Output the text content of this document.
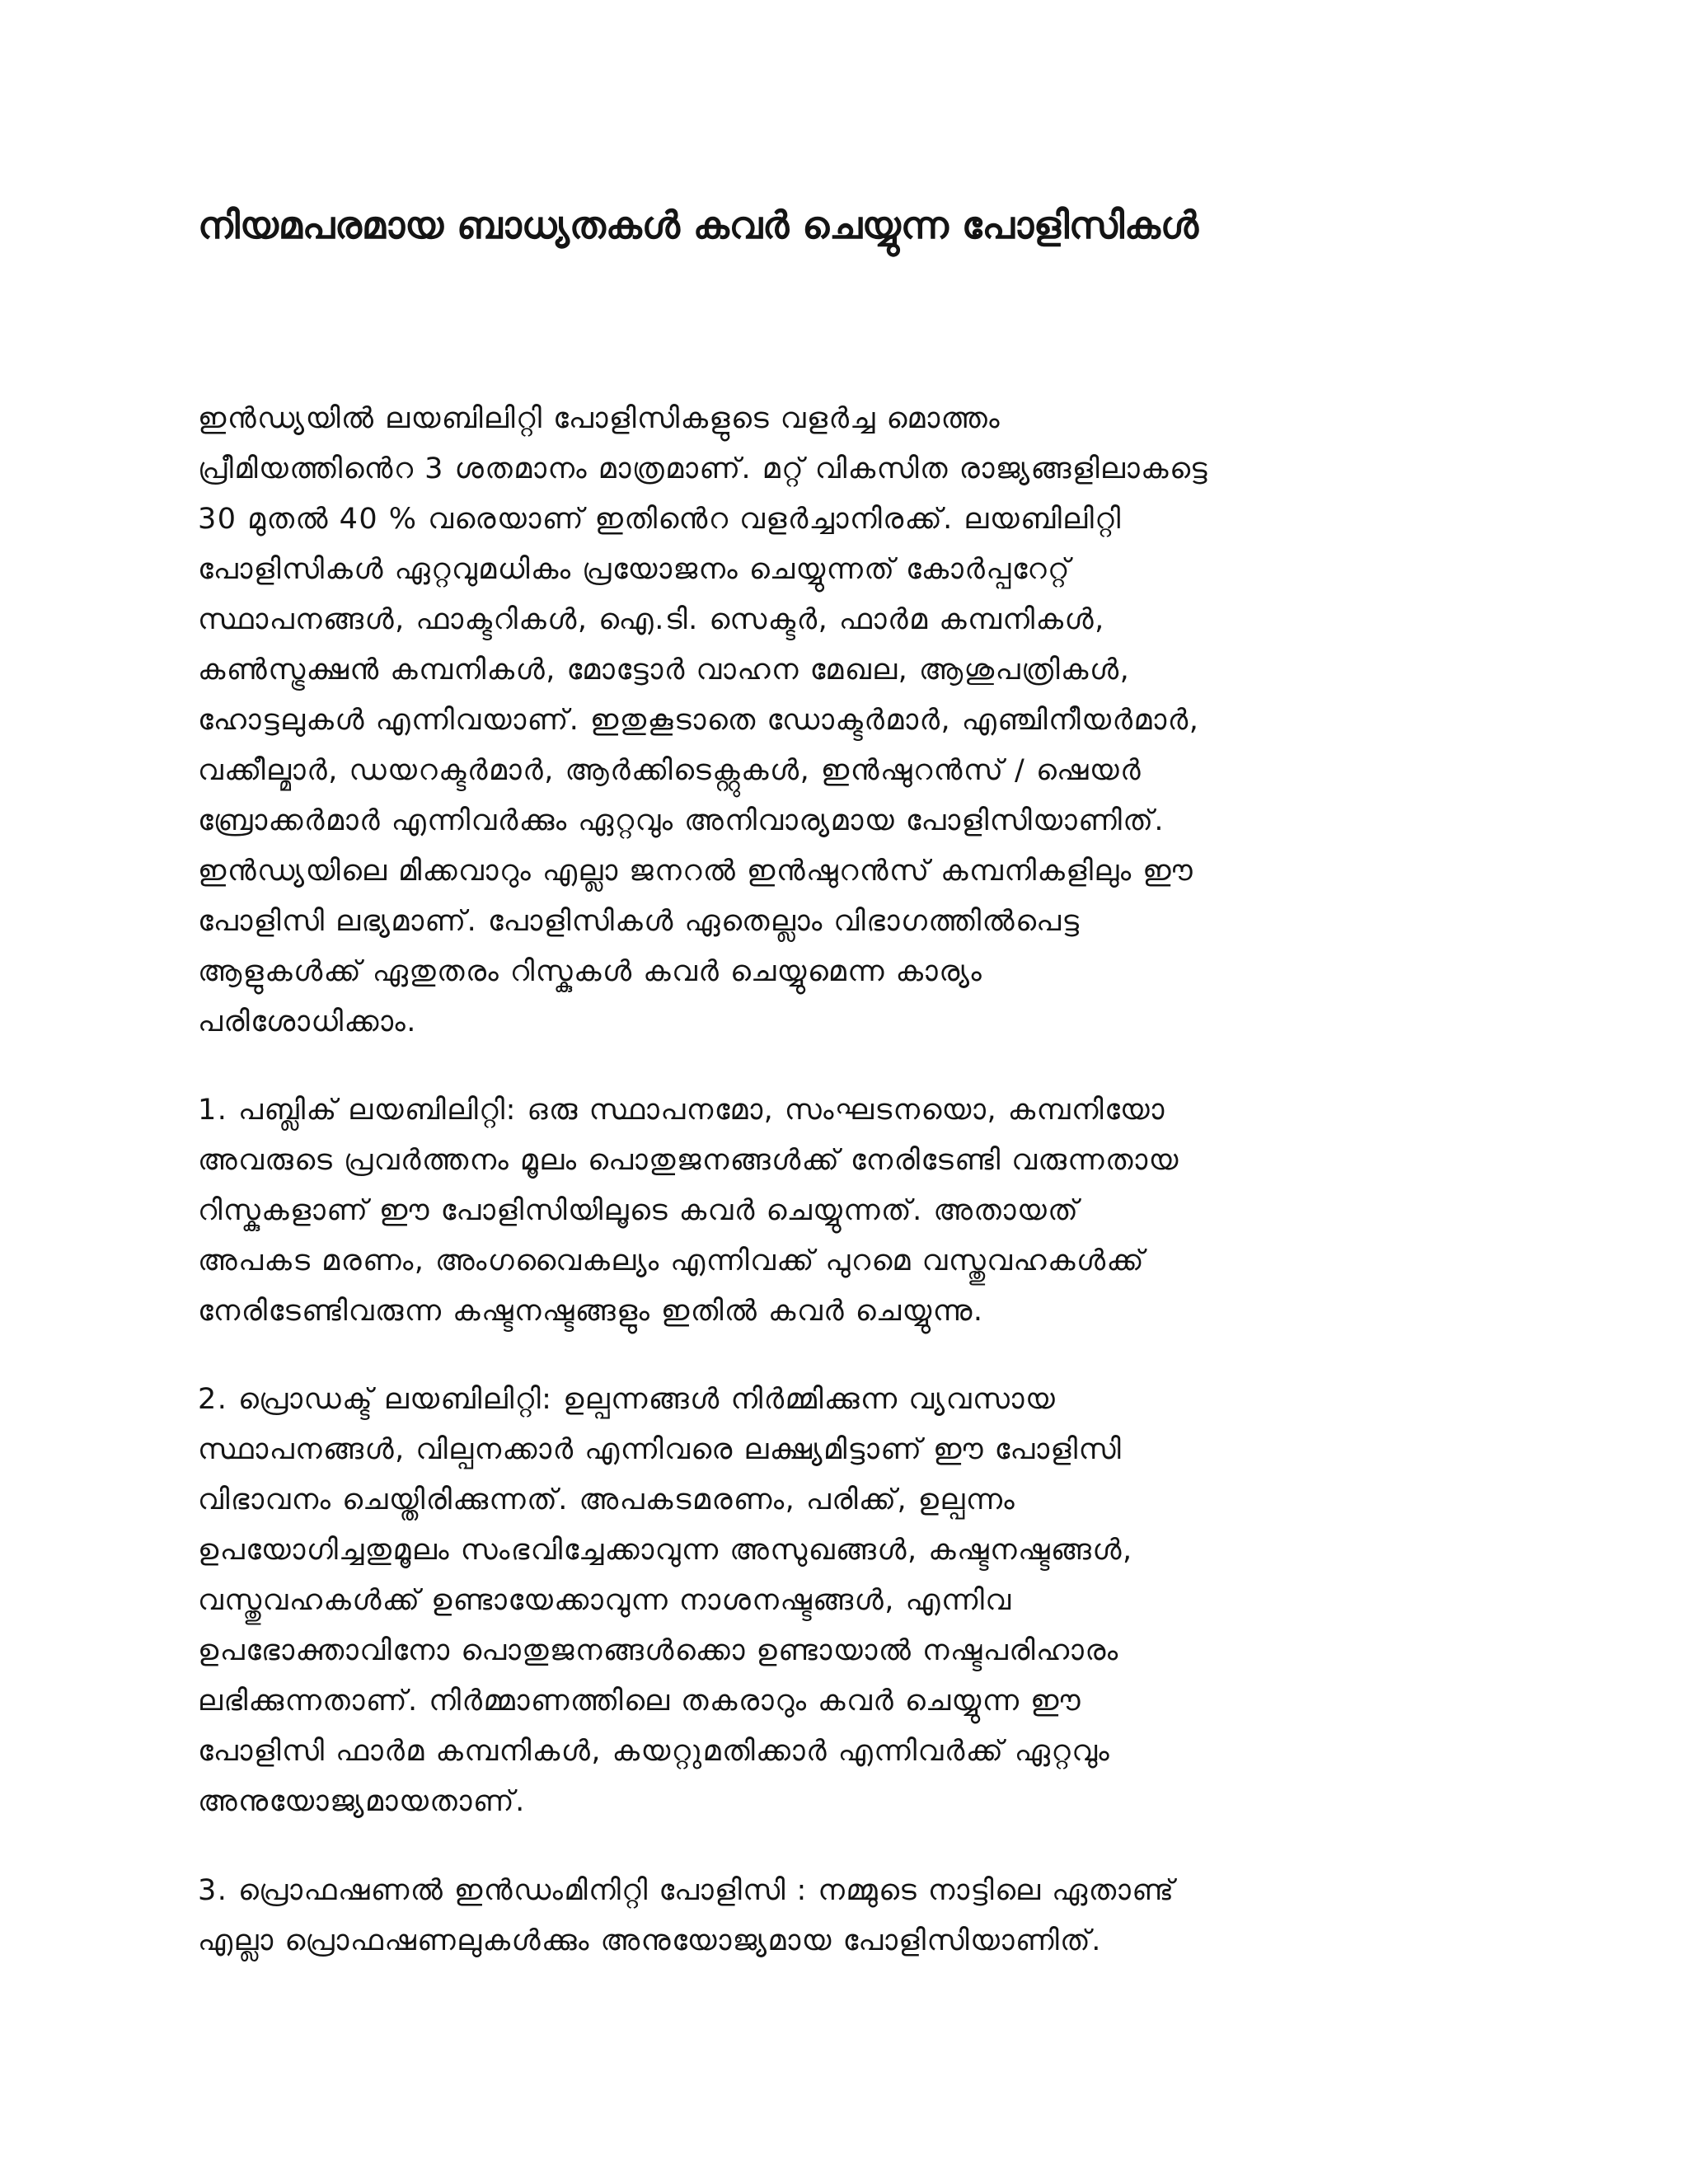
നിയമപരമായ ബാധ്യതകൾ കവർ ചെയ്യുന്ന പോളിസികൾ
ഇൻഡ്യയിൽ ലയബിലിറ്റി പോളിസികളുടെ വളർച്ച മൊത്തം
പ്രീമിയത്തിൻെറ 3 ശതമാനം മാത്രമാണ്. മറ്റ് വികസിത രാജ്യങ്ങളിലാകട്ടെ
30 മുതൽ 40 % വരെയാണ് ഇതിൻെറ വളർച്ചാനിരക്ക്. ലയബിലിറ്റി
പോളിസികൾ ഏറ്റവുമധികം പ്രയോജനം ചെയ്യുന്നത് കോർപ്പറേറ്റ്
സ്ഥാപനങ്ങൾ, ഫാക്ടറികൾ, ഐ.ടി. സെക്ടർ, ഫാർമ കമ്പനികൾ,
കൺസ്ട്രക്ഷൻ കമ്പനികൾ, മോട്ടോർ വാഹന മേഖല, ആശുപത്രികൾ,
ഹോട്ടലുകൾ എന്നിവയാണ്. ഇതുകൂടാതെ ഡോക്ടർമാർ, എഞ്ചിനീയർമാർ,
വക്കീല്മാർ, ഡയറക്ടർമാർ, ആർക്കിടെക്റ്റുകൾ, ഇൻഷുറൻസ് / ഷെയർ
ബ്രോക്കർമാർ എന്നിവർക്കും ഏറ്റവും അനിവാര്യമായ പോളിസിയാണിത്.
ഇൻഡ്യയിലെ മിക്കവാറും എല്ലാ ജനറൽ ഇൻഷുറൻസ് കമ്പനികളിലും ഈ
പോളിസി ലഭ്യമാണ്. പോളിസികൾ ഏതെല്ലാം വിഭാഗത്തിൽപെട്ട
ആളുകൾക്ക് ഏതുതരം റിസ്കുകൾ കവർ ചെയ്യുമെന്ന കാര്യം
പരിശോധിക്കാം.
1. പബ്ലിക് ലയബിലിറ്റി: ഒരു സ്ഥാപനമോ, സംഘടനയൊ, കമ്പനിയോ
അവരുടെ പ്രവർത്തനം മൂലം പൊതുജനങ്ങൾക്ക് നേരിടേണ്ടി വരുന്നതായ
റിസ്കുകളാണ് ഈ പോളിസിയിലൂടെ കവർ ചെയ്യുന്നത്. അതായത്
അപകട മരണം, അംഗവൈകല്യം എന്നിവക്ക് പുറമെ വസ്തുവഹകൾക്ക്
നേരിടേണ്ടിവരുന്ന കഷ്ടനഷ്ടങ്ങളും ഇതിൽ കവർ ചെയ്യുന്നു.
2. പ്രൊഡക്ട് ലയബിലിറ്റി: ഉല്പന്നങ്ങൾ നിർമ്മിക്കുന്ന വ്യവസായ
സ്ഥാപനങ്ങൾ, വില്പനക്കാർ എന്നിവരെ ലക്ഷ്യമിട്ടാണ് ഈ പോളിസി
വിഭാവനം ചെയ്തിരിക്കുന്നത്. അപകടമരണം, പരിക്ക്, ഉല്പന്നം
ഉപയോഗിച്ചതുമൂലം സംഭവിച്ചേക്കാവുന്ന അസുഖങ്ങൾ, കഷ്ടനഷ്ടങ്ങൾ,
വസ്തുവഹകൾക്ക് ഉണ്ടായേക്കാവുന്ന നാശനഷ്ടങ്ങൾ, എന്നിവ
ഉപഭോക്താവിനോ പൊതുജനങ്ങൾക്കൊ ഉണ്ടായാൽ നഷ്ടപരിഹാരം
ലഭിക്കുന്നതാണ്. നിർമ്മാണത്തിലെ തകരാറും കവർ ചെയ്യുന്ന ഈ
പോളിസി ഫാർമ കമ്പനികൾ, കയറ്റുമതിക്കാർ എന്നിവർക്ക് ഏറ്റവും
അനുയോജ്യമായതാണ്.
3. പ്രൊഫഷണൽ ഇൻഡംമിനിറ്റി പോളിസി : നമ്മുടെ നാട്ടിലെ ഏതാണ്ട്
എല്ലാ പ്രൊഫഷണലുകൾക്കും അനുയോജ്യമായ പോളിസിയാണിത്.
